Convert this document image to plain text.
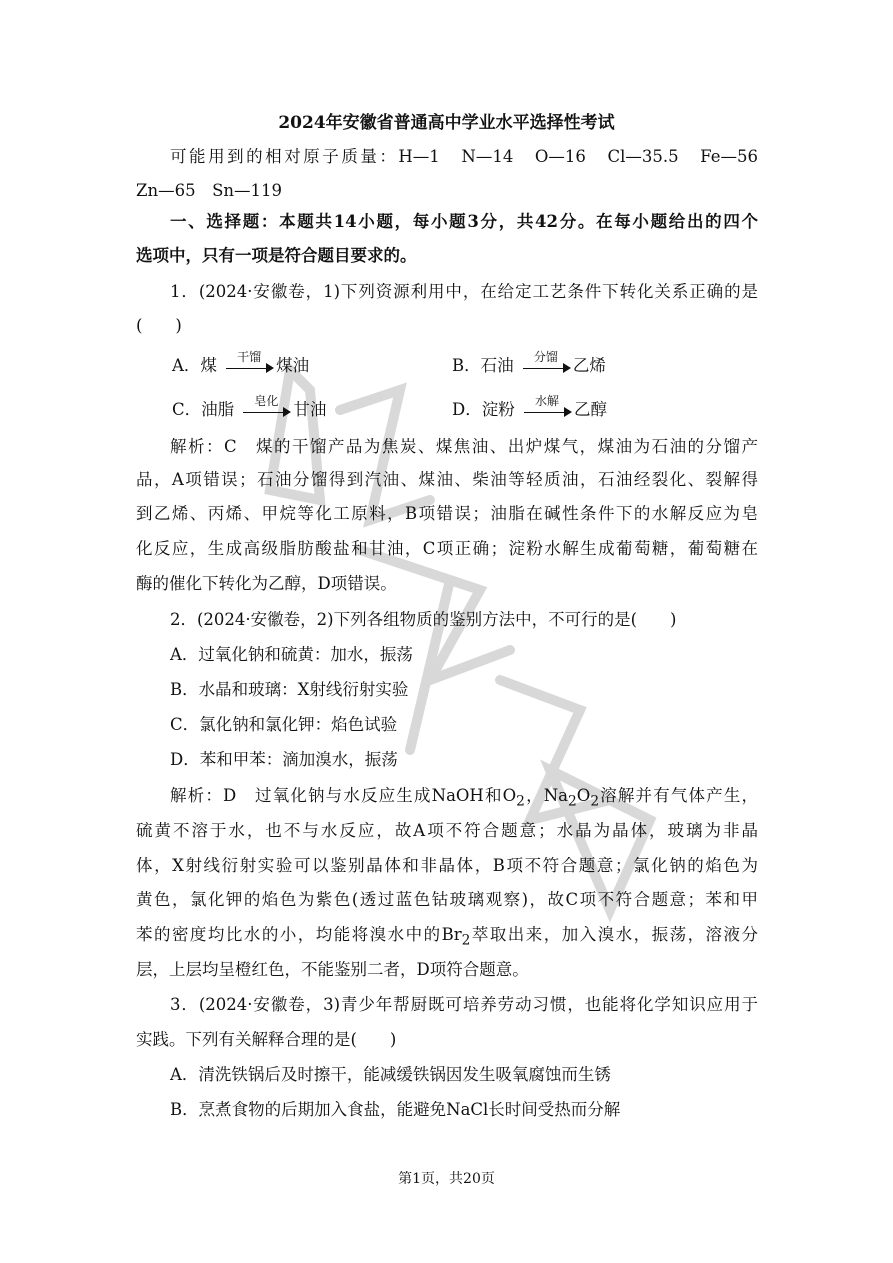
2024年安徽省普通高中学业水平选择性考试
可能用到的相对原子质量：H—1　N—14　O—16　Cl—35.5　Fe—56
Zn—65　Sn—119
一、选择题：本题共14小题，每小题3分，共42分。在每小题给出的四个
选项中，只有一项是符合题目要求的。
1．(2024·安徽卷，1)下列资源利用中，在给定工艺条件下转化关系正确的是
(　　)
A．煤	干馏 煤油	B．石油	分馏 乙烯
C．油脂	皂化 甘油	D．淀粉	水解 乙醇
解析：C　煤的干馏产品为焦炭、煤焦油、出炉煤气，煤油为石油的分馏产
品，A项错误；石油分馏得到汽油、煤油、柴油等轻质油，石油经裂化、裂解得
到乙烯、丙烯、甲烷等化工原料，B项错误；油脂在碱性条件下的水解反应为皂
化反应，生成高级脂肪酸盐和甘油，C项正确；淀粉水解生成葡萄糖，葡萄糖在
酶的催化下转化为乙醇，D项错误。
2．(2024·安徽卷，2)下列各组物质的鉴别方法中，不可行的是(　　)
A．过氧化钠和硫黄：加水，振荡
B．水晶和玻璃：X射线衍射实验
C．氯化钠和氯化钾：焰色试验
D．苯和甲苯：滴加溴水，振荡
解析：D　过氧化钠与水反应生成NaOH和$O_2$，$Na_2O_2$溶解并有气体产生，
硫黄不溶于水，也不与水反应，故A项不符合题意；水晶为晶体，玻璃为非晶
体，X射线衍射实验可以鉴别晶体和非晶体，B项不符合题意；氯化钠的焰色为
黄色，氯化钾的焰色为紫色(透过蓝色钴玻璃观察)，故C项不符合题意；苯和甲
苯的密度均比水的小，均能将溴水中的$Br_2$萃取出来，加入溴水，振荡，溶液分
层，上层均呈橙红色，不能鉴别二者，D项符合题意。
3．(2024·安徽卷，3)青少年帮厨既可培养劳动习惯，也能将化学知识应用于
实践。下列有关解释合理的是(　　)
A．清洗铁锅后及时擦干，能减缓铁锅因发生吸氧腐蚀而生锈
B．烹煮食物的后期加入食盐，能避免NaCl长时间受热而分解
第1页，共20页
